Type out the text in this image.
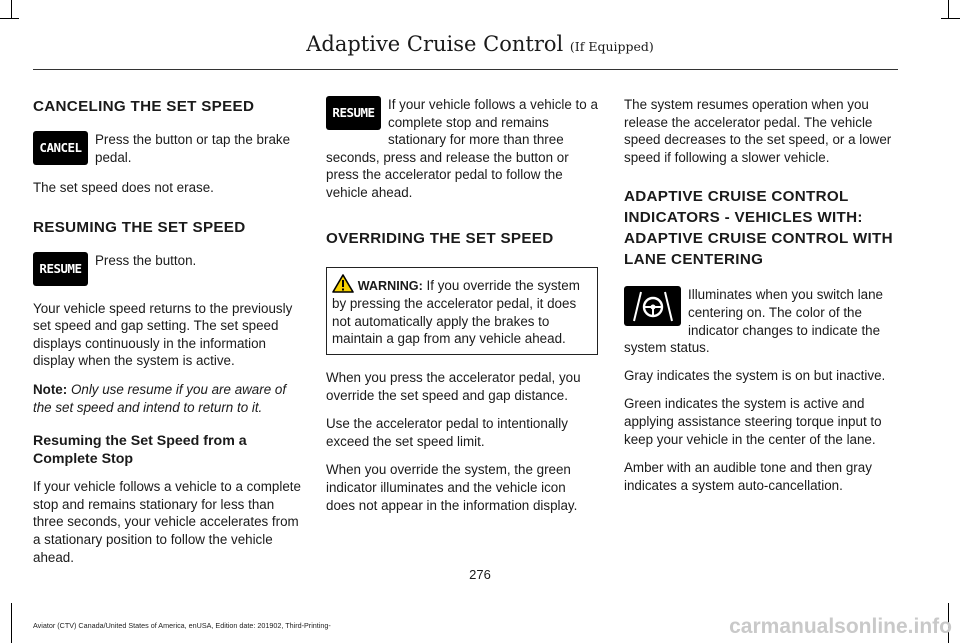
Adaptive Cruise Control (If Equipped)
CANCELING THE SET SPEED
CANCEL
Press the button or tap the brake pedal.

The set speed does not erase.

RESUMING THE SET SPEED
RESUME
Press the button.

Your vehicle speed returns to the previously set speed and gap setting. The set speed displays continuously in the information display when the system is active.

Note: Only use resume if you are aware of the set speed and intend to return to it.

Resuming the Set Speed from a Complete Stop

If your vehicle follows a vehicle to a complete stop and remains stationary for less than three seconds, your vehicle accelerates from a stationary position to follow the vehicle ahead.

RESUME
If your vehicle follows a vehicle to a complete stop and remains stationary for more than three seconds, press and release the button or press the accelerator pedal to follow the vehicle ahead.
OVERRIDING THE SET SPEED
WARNING: If you override the system by pressing the accelerator pedal, it does not automatically apply the brakes to maintain a gap from any vehicle ahead.

When you press the accelerator pedal, you override the set speed and gap distance.

Use the accelerator pedal to intentionally exceed the set speed limit.

When you override the system, the green indicator illuminates and the vehicle icon does not appear in the information display.

The system resumes operation when you release the accelerator pedal. The vehicle speed decreases to the set speed, or a lower speed if following a slower vehicle.

ADAPTIVE CRUISE CONTROL INDICATORS - VEHICLES WITH: ADAPTIVE CRUISE CONTROL WITH LANE CENTERING
Illuminates when you switch lane centering on. The color of the indicator changes to indicate the system status.

Gray indicates the system is on but inactive.

Green indicates the system is active and applying assistance steering torque input to keep your vehicle in the center of the lane.

Amber with an audible tone and then gray indicates a system auto-cancellation.

276
Aviator (CTV) Canada/United States of America, enUSA, Edition date: 201902, Third-Printing-	carmanualsonline.info
